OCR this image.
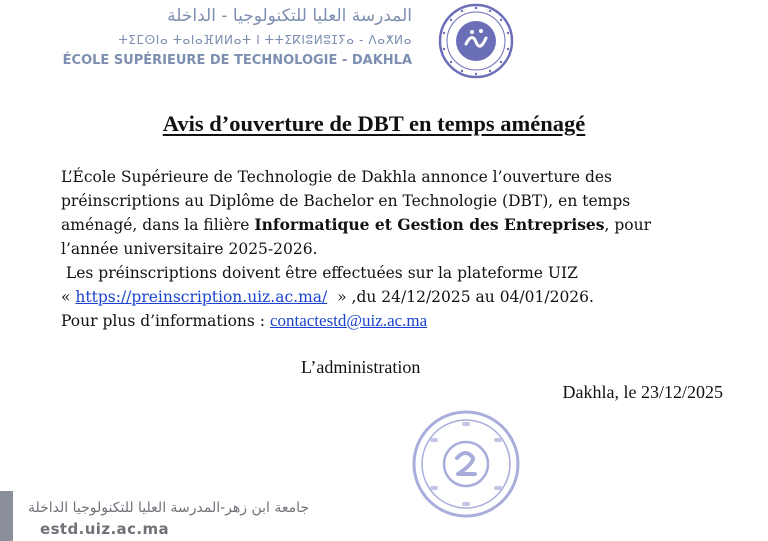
المدرسة العليا للتكنولوجيا - الداخلة
ⵜⵉⵎⵙⵏⴰ ⵜⴰⵏⴰⴼⵍⵍⴰⵜ ⵏ ⵜⵜⵉⴽⵏⵓⵍⵓⵊⵢⴰ - ⴷⴰⵅⵍⴰ
ÉCOLE SUPÉRIEURE DE TECHNOLOGIE - DAKHLA
Avis d’ouverture de DBT en temps aménagé
L’École Supérieure de Technologie de Dakhla annonce l’ouverture des
préinscriptions au Diplôme de Bachelor en Technologie (DBT), en temps
aménagé, dans la filière Informatique et Gestion des Entreprises, pour
l’année universitaire 2025-2026.
Les préinscriptions doivent être effectuées sur la plateforme UIZ
« https://preinscription.uiz.ac.ma/  » ,du 24/12/2025 au 04/01/2026.
Pour plus d’informations : contactestd@uiz.ac.ma
L’administration
Dakhla, le 23/12/2025
جامعة ابن زهر-المدرسة العليا للتكنولوجيا الداخلة
estd.uiz.ac.ma
